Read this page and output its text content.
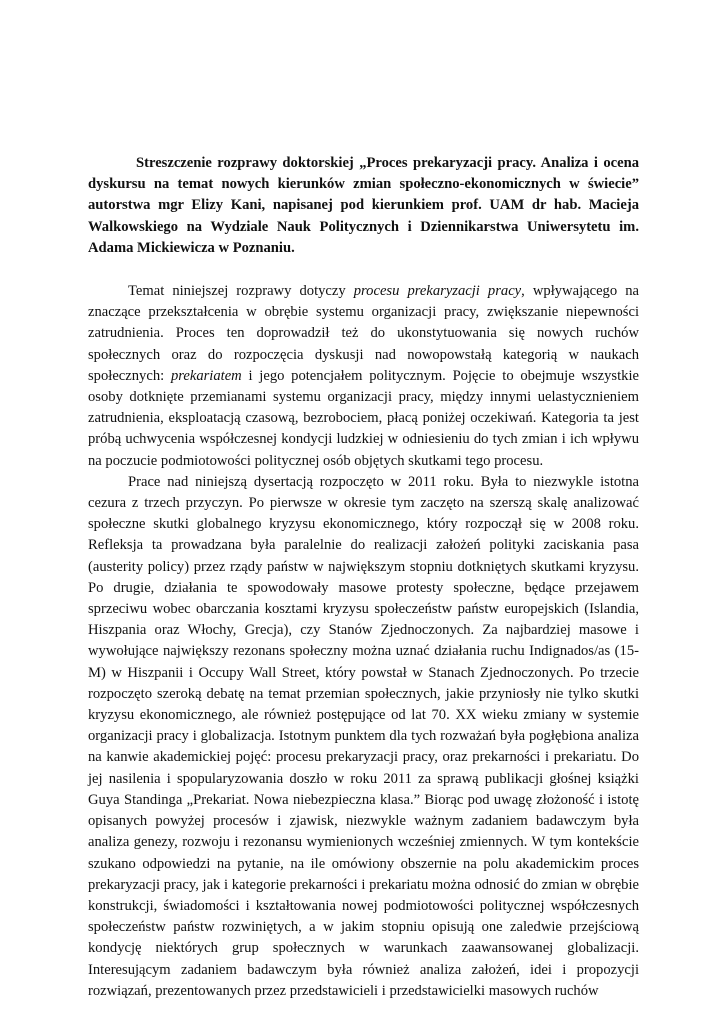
Streszczenie rozprawy doktorskiej „Proces prekaryzacji pracy. Analiza i ocena dyskursu na temat nowych kierunków zmian społeczno-ekonomicznych w świecie” autorstwa mgr Elizy Kani, napisanej pod kierunkiem prof. UAM dr hab. Macieja Walkowskiego na Wydziale Nauk Politycznych i Dziennikarstwa Uniwersytetu im. Adama Mickiewicza w Poznaniu.

Temat niniejszej rozprawy dotyczy procesu prekaryzacji pracy, wpływającego na znaczące przekształcenia w obrębie systemu organizacji pracy, zwiększanie niepewności zatrudnienia. Proces ten doprowadził też do ukonstytuowania się nowych ruchów społecznych oraz do rozpoczęcia dyskusji nad nowopowstałą kategorią w naukach społecznych: prekariatem i jego potencjałem politycznym. Pojęcie to obejmuje wszystkie osoby dotknięte przemianami systemu organizacji pracy, między innymi uelastycznieniem zatrudnienia, eksploatacją czasową, bezrobociem, płacą poniżej oczekiwań. Kategoria ta jest próbą uchwycenia współczesnej kondycji ludzkiej w odniesieniu do tych zmian i ich wpływu na poczucie podmiotowości politycznej osób objętych skutkami tego procesu.

Prace nad niniejszą dysertacją rozpoczęto w 2011 roku. Była to niezwykle istotna cezura z trzech przyczyn. Po pierwsze w okresie tym zaczęto na szerszą skalę analizować społeczne skutki globalnego kryzysu ekonomicznego, który rozpoczął się w 2008 roku. Refleksja ta prowadzana była paralelnie do realizacji założeń polityki zaciskania pasa (austerity policy) przez rządy państw w największym stopniu dotkniętych skutkami kryzysu. Po drugie, działania te spowodowały masowe protesty społeczne, będące przejawem sprzeciwu wobec obarczania kosztami kryzysu społeczeństw państw europejskich (Islandia, Hiszpania oraz Włochy, Grecja), czy Stanów Zjednoczonych. Za najbardziej masowe i wywołujące największy rezonans społeczny można uznać działania ruchu Indignados/as (15-M) w Hiszpanii i Occupy Wall Street, który powstał w Stanach Zjednoczonych. Po trzecie rozpoczęto szeroką debatę na temat przemian społecznych, jakie przyniosły nie tylko skutki kryzysu ekonomicznego, ale również postępujące od lat 70. XX wieku zmiany w systemie organizacji pracy i globalizacja. Istotnym punktem dla tych rozważań była pogłębiona analiza na kanwie akademickiej pojęć: procesu prekaryzacji pracy, oraz prekarności i prekariatu. Do jej nasilenia i spopularyzowania doszło w roku 2011 za sprawą publikacji głośnej książki Guya Standinga „Prekariat. Nowa niebezpieczna klasa.” Biorąc pod uwagę złożoność i istotę opisanych powyżej procesów i zjawisk, niezwykle ważnym zadaniem badawczym była analiza genezy, rozwoju i rezonansu wymienionych wcześniej zmiennych. W tym kontekście szukano odpowiedzi na pytanie, na ile omówiony obszernie na polu akademickim proces prekaryzacji pracy, jak i kategorie prekarności i prekariatu można odnosić do zmian w obrębie konstrukcji, świadomości i kształtowania nowej podmiotowości politycznej współczesnych społeczeństw państw rozwiniętych, a w jakim stopniu opisują one zaledwie przejściową kondycję niektórych grup społecznych w warunkach zaawansowanej globalizacji. Interesującym zadaniem badawczym była również analiza założeń, idei i propozycji rozwiązań, prezentowanych przez przedstawicieli i przedstawicielki masowych ruchów
